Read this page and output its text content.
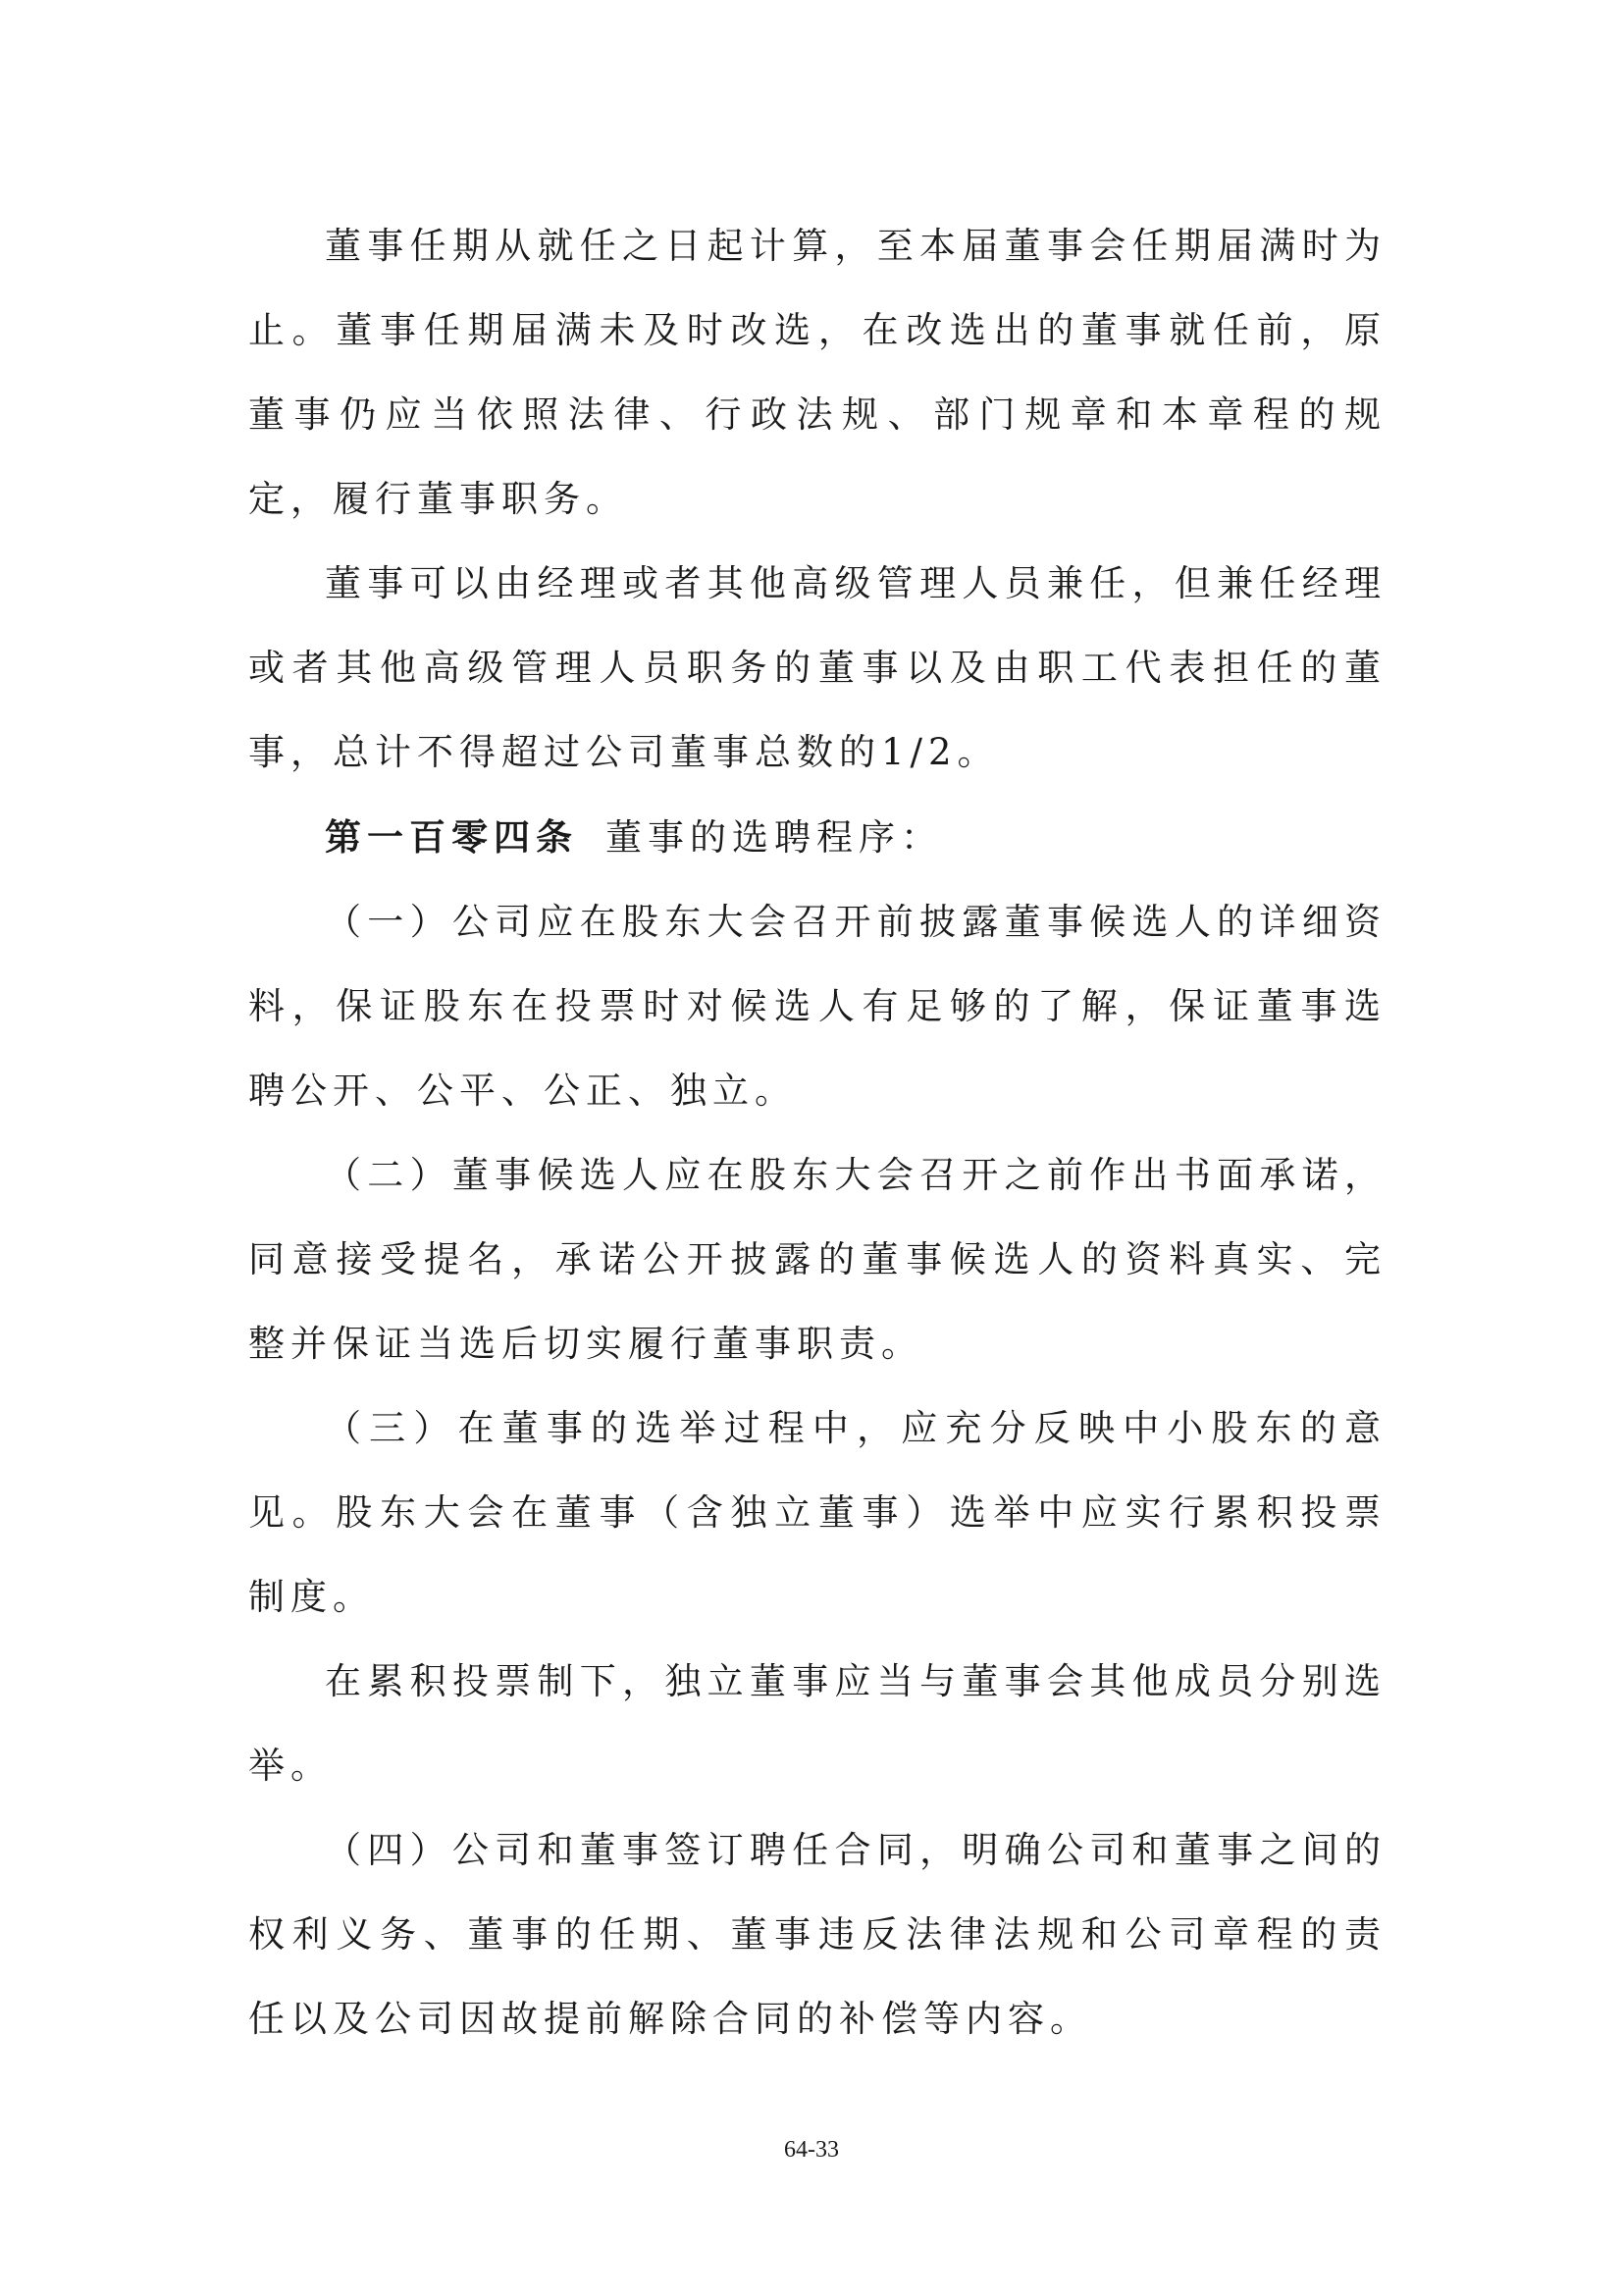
董事任期从就任之日起计算，至本届董事会任期届满时为止。董事任期届满未及时改选，在改选出的董事就任前，原董事仍应当依照法律、行政法规、部门规章和本章程的规定，履行董事职务。

董事可以由经理或者其他高级管理人员兼任，但兼任经理或者其他高级管理人员职务的董事以及由职工代表担任的董事，总计不得超过公司董事总数的1/2。

第一百零四条 董事的选聘程序：

（一）公司应在股东大会召开前披露董事候选人的详细资料，保证股东在投票时对候选人有足够的了解，保证董事选聘公开、公平、公正、独立。

（二）董事候选人应在股东大会召开之前作出书面承诺，同意接受提名，承诺公开披露的董事候选人的资料真实、完整并保证当选后切实履行董事职责。

（三）在董事的选举过程中，应充分反映中小股东的意见。股东大会在董事（含独立董事）选举中应实行累积投票制度。

在累积投票制下，独立董事应当与董事会其他成员分别选举。

（四）公司和董事签订聘任合同，明确公司和董事之间的权利义务、董事的任期、董事违反法律法规和公司章程的责任以及公司因故提前解除合同的补偿等内容。

64-33
